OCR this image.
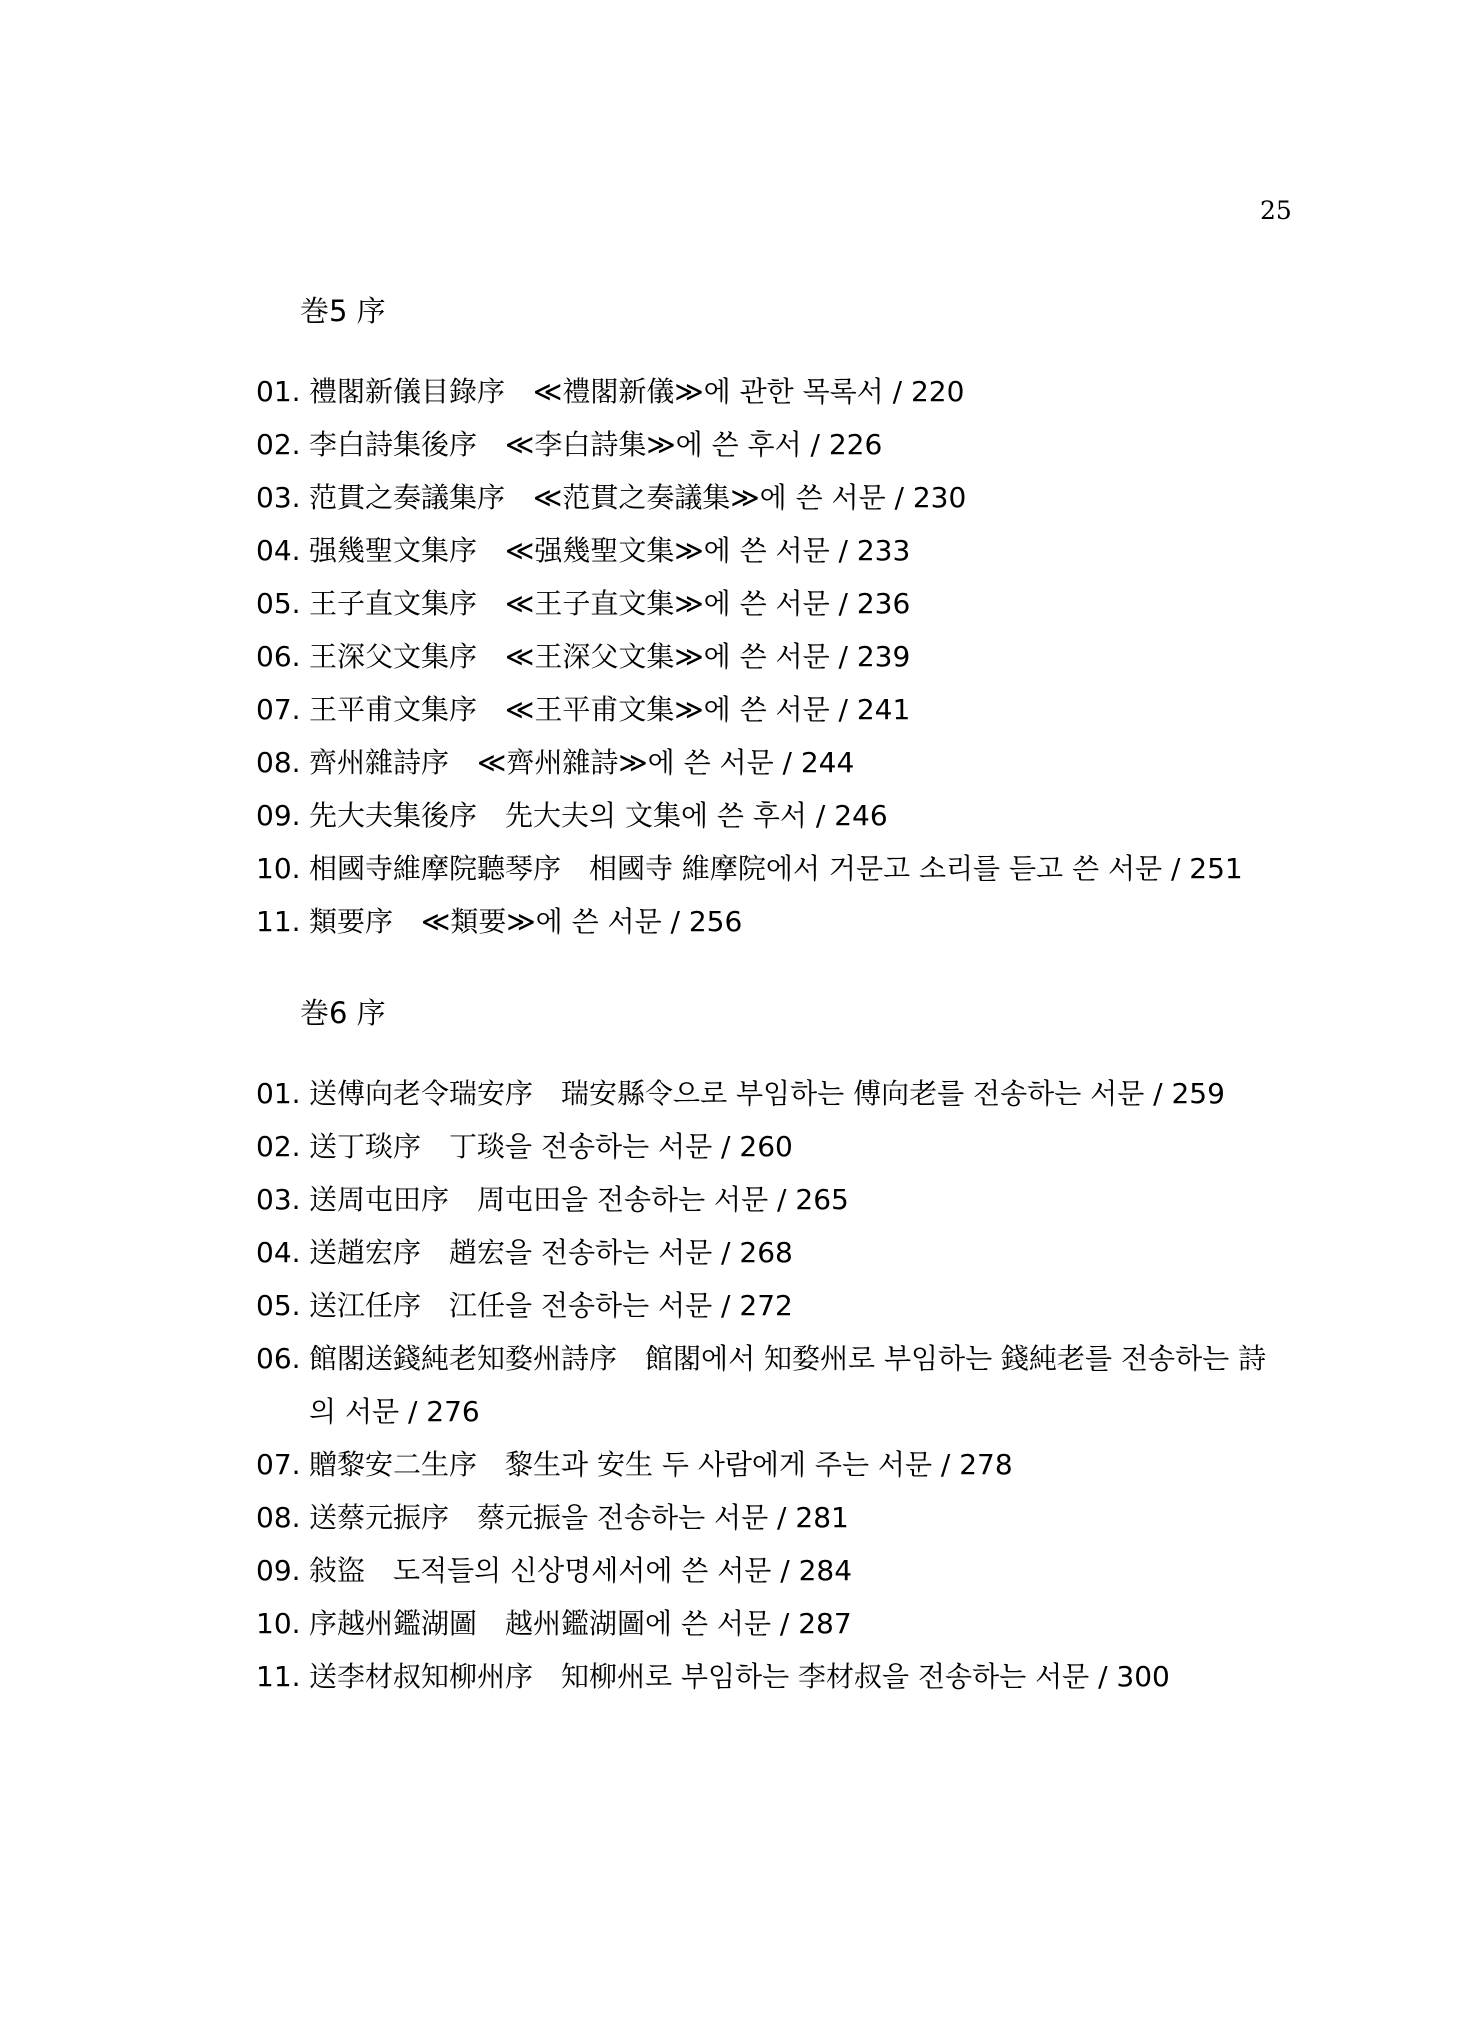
25
巻5 序
01. 禮閣新儀目錄序 ≪禮閣新儀≫에 관한 목록서 / 220
02. 李白詩集後序 ≪李白詩集≫에 쓴 후서 / 226
03. 范貫之奏議集序 ≪范貫之奏議集≫에 쓴 서문 / 230
04. 强幾聖文集序 ≪强幾聖文集≫에 쓴 서문 / 233
05. 王子直文集序 ≪王子直文集≫에 쓴 서문 / 236
06. 王深父文集序 ≪王深父文集≫에 쓴 서문 / 239
07. 王平甫文集序 ≪王平甫文集≫에 쓴 서문 / 241
08. 齊州雜詩序 ≪齊州雜詩≫에 쓴 서문 / 244
09. 先大夫集後序 先大夫의 文集에 쓴 후서 / 246
10. 相國寺維摩院聽琴序 相國寺 維摩院에서 거문고 소리를 듣고 쓴 서문 / 251
11. 類要序 ≪類要≫에 쓴 서문 / 256
巻6 序
01. 送傅向老令瑞安序 瑞安縣令으로 부임하는 傅向老를 전송하는 서문 / 259
02. 送丁琰序 丁琰을 전송하는 서문 / 260
03. 送周屯田序 周屯田을 전송하는 서문 / 265
04. 送趙宏序 趙宏을 전송하는 서문 / 268
05. 送江任序 江任을 전송하는 서문 / 272
06. 館閣送錢純老知婺州詩序 館閣에서 知婺州로 부임하는 錢純老를 전송하는 詩의 서문 / 276
07. 贈黎安二生序 黎生과 安生 두 사람에게 주는 서문 / 278
08. 送蔡元振序 蔡元振을 전송하는 서문 / 281
09. 敍盜 도적들의 신상명세서에 쓴 서문 / 284
10. 序越州鑑湖圖 越州鑑湖圖에 쓴 서문 / 287
11. 送李材叔知柳州序 知柳州로 부임하는 李材叔을 전송하는 서문 / 300
